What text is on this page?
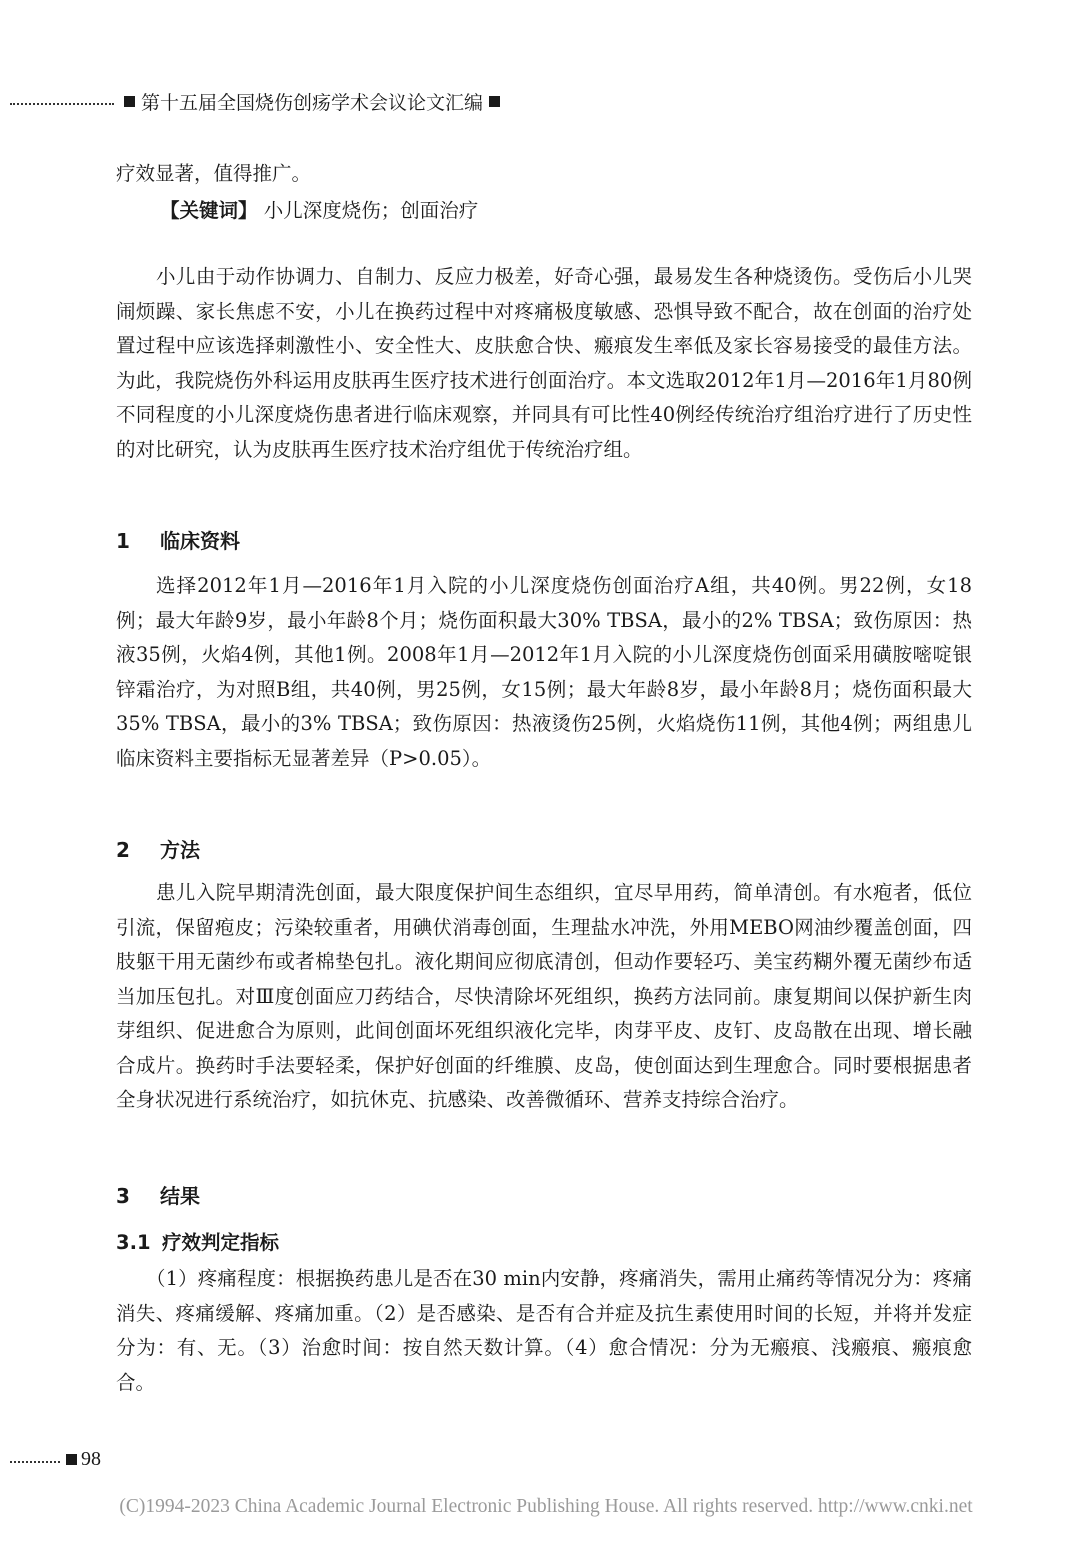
第十五届全国烧伤创疡学术会议论文汇编

疗效显著，值得推广。

【关键词】 小儿深度烧伤；创面治疗

小儿由于动作协调力、自制力、反应力极差，好奇心强，最易发生各种烧烫伤。受伤后小儿哭闹烦躁、家长焦虑不安，小儿在换药过程中对疼痛极度敏感、恐惧导致不配合，故在创面的治疗处置过程中应该选择刺激性小、安全性大、皮肤愈合快、瘢痕发生率低及家长容易接受的最佳方法。为此，我院烧伤外科运用皮肤再生医疗技术进行创面治疗。本文选取2012年1月—2016年1月80例不同程度的小儿深度烧伤患者进行临床观察，并同具有可比性40例经传统治疗组治疗进行了历史性的对比研究，认为皮肤再生医疗技术治疗组优于传统治疗组。

1 临床资料

选择2012年1月—2016年1月入院的小儿深度烧伤创面治疗A组，共40例。男22例，女18例；最大年龄9岁，最小年龄8个月；烧伤面积最大30% TBSA，最小的2% TBSA；致伤原因：热液35例，火焰4例，其他1例。2008年1月—2012年1月入院的小儿深度烧伤创面采用磺胺嘧啶银锌霜治疗，为对照B组，共40例，男25例，女15例；最大年龄8岁，最小年龄8月；烧伤面积最大35% TBSA，最小的3% TBSA；致伤原因：热液烫伤25例，火焰烧伤11例，其他4例；两组患儿临床资料主要指标无显著差异（P>0.05）。

2 方法

患儿入院早期清洗创面，最大限度保护间生态组织，宜尽早用药，简单清创。有水疱者，低位引流，保留疱皮；污染较重者，用碘伏消毒创面，生理盐水冲洗，外用MEBO网油纱覆盖创面，四肢躯干用无菌纱布或者棉垫包扎。液化期间应彻底清创，但动作要轻巧、美宝药糊外覆无菌纱布适当加压包扎。对Ⅲ度创面应刀药结合，尽快清除坏死组织，换药方法同前。康复期间以保护新生肉芽组织、促进愈合为原则，此间创面坏死组织液化完毕，肉芽平皮、皮钉、皮岛散在出现、增长融合成片。换药时手法要轻柔，保护好创面的纤维膜、皮岛，使创面达到生理愈合。同时要根据患者全身状况进行系统治疗，如抗休克、抗感染、改善微循环、营养支持综合治疗。

3 结果
3.1 疗效判定指标

（1）疼痛程度：根据换药患儿是否在30 min内安静，疼痛消失，需用止痛药等情况分为：疼痛消失、疼痛缓解、疼痛加重。（2）是否感染、是否有合并症及抗生素使用时间的长短，并将并发症分为：有、无。（3）治愈时间：按自然天数计算。（4）愈合情况：分为无瘢痕、浅瘢痕、瘢痕愈合。

98
(C)1994-2023 China Academic Journal Electronic Publishing House. All rights reserved. http://www.cnki.net
